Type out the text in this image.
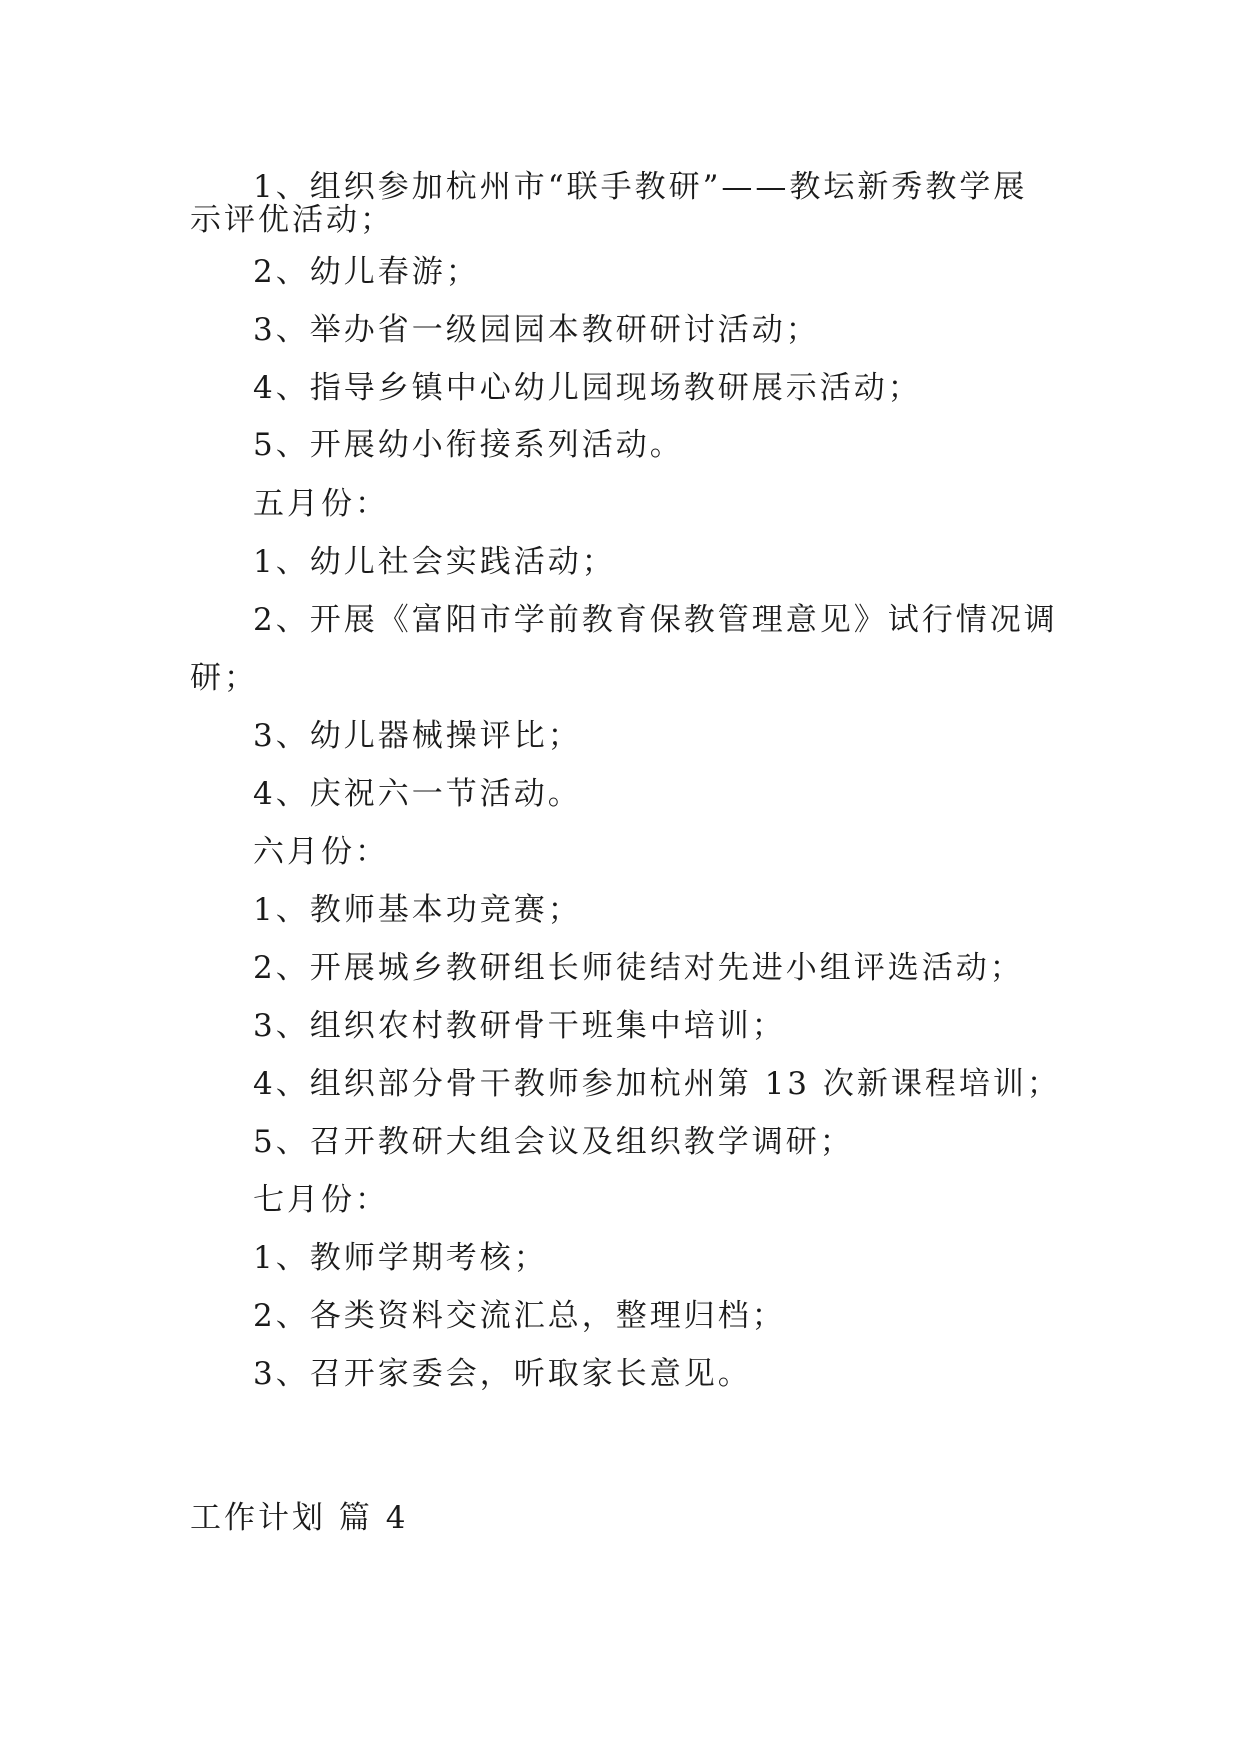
1、组织参加杭州市“联手教研”——教坛新秀教学展
示评优活动；
2、幼儿春游；
3、举办省一级园园本教研研讨活动；
4、指导乡镇中心幼儿园现场教研展示活动；
5、开展幼小衔接系列活动。
五月份：
1、幼儿社会实践活动；
2、开展《富阳市学前教育保教管理意见》试行情况调
研；
3、幼儿器械操评比；
4、庆祝六一节活动。
六月份：
1、教师基本功竞赛；
2、开展城乡教研组长师徒结对先进小组评选活动；
3、组织农村教研骨干班集中培训；
4、组织部分骨干教师参加杭州第 13 次新课程培训；
5、召开教研大组会议及组织教学调研；
七月份：
1、教师学期考核；
2、各类资料交流汇总，整理归档；
3、召开家委会，听取家长意见。
工作计划 篇 4
